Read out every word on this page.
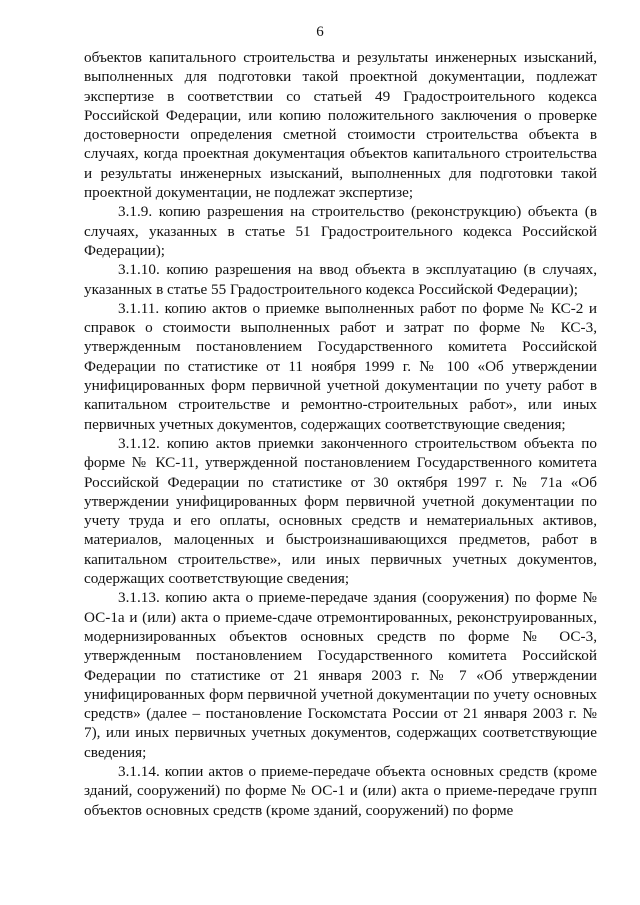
6

объектов капитального строительства и результаты инженерных изысканий, выполненных для подготовки такой проектной документации, подлежат экспертизе в соответствии со статьей 49 Градостроительного кодекса Российской Федерации, или копию положительного заключения о проверке достоверности определения сметной стоимости строительства объекта в случаях, когда проектная документация объектов капитального строительства и результаты инженерных изысканий, выполненных для подготовки такой проектной документации, не подлежат экспертизе;

3.1.9. копию разрешения на строительство (реконструкцию) объекта (в случаях, указанных в статье 51 Градостроительного кодекса Российской Федерации);

3.1.10. копию разрешения на ввод объекта в эксплуатацию (в случаях, указанных в статье 55 Градостроительного кодекса Российской Федерации);

3.1.11. копию актов о приемке выполненных работ по форме № КС-2 и справок о стоимости выполненных работ и затрат по форме № КС-3, утвержденным постановлением Государственного комитета Российской Федерации по статистике от 11 ноября 1999 г. № 100 «Об утверждении унифицированных форм первичной учетной документации по учету работ в капитальном строительстве и ремонтно-строительных работ», или иных первичных учетных документов, содержащих соответствующие сведения;

3.1.12. копию актов приемки законченного строительством объекта по форме № КС-11, утвержденной постановлением Государственного комитета Российской Федерации по статистике от 30 октября 1997 г. № 71а «Об утверждении унифицированных форм первичной учетной документации по учету труда и его оплаты, основных средств и нематериальных активов, материалов, малоценных и быстроизнашивающихся предметов, работ в капитальном строительстве», или иных первичных учетных документов, содержащих соответствующие сведения;

3.1.13. копию акта о приеме-передаче здания (сооружения) по форме № ОС-1а и (или) акта о приеме-сдаче отремонтированных, реконструированных, модернизированных объектов основных средств по форме № ОС-3, утвержденным постановлением Государственного комитета Российской Федерации по статистике от 21 января 2003 г. № 7 «Об утверждении унифицированных форм первичной учетной документации по учету основных средств» (далее – постановление Госкомстата России от 21 января 2003 г. № 7), или иных первичных учетных документов, содержащих соответствующие сведения;

3.1.14. копии актов о приеме-передаче объекта основных средств (кроме зданий, сооружений) по форме № ОС-1 и (или) акта о приеме-передаче групп объектов основных средств (кроме зданий, сооружений) по форме
